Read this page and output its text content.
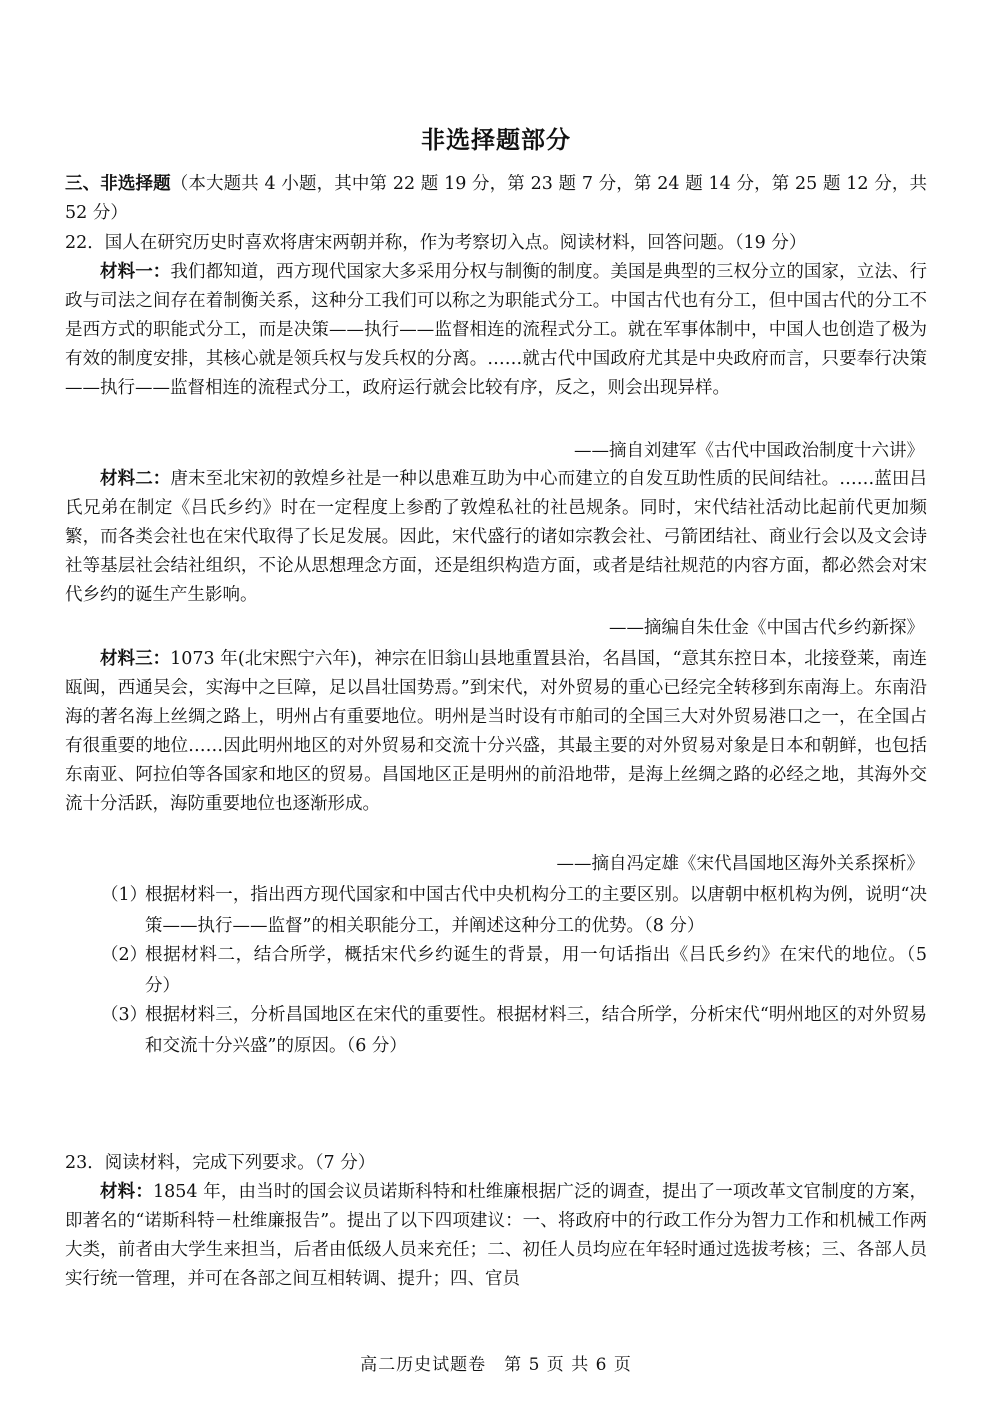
非选择题部分
三、非选择题（本大题共 4 小题，其中第 22 题 19 分，第 23 题 7 分，第 24 题 14 分，第 25 题 12 分，共 52 分）
22．国人在研究历史时喜欢将唐宋两朝并称，作为考察切入点。阅读材料，回答问题。（19 分）
材料一：我们都知道，西方现代国家大多采用分权与制衡的制度。美国是典型的三权分立的国家，立法、行政与司法之间存在着制衡关系，这种分工我们可以称之为职能式分工。中国古代也有分工，但中国古代的分工不是西方式的职能式分工，而是决策——执行——监督相连的流程式分工。就在军事体制中，中国人也创造了极为有效的制度安排，其核心就是领兵权与发兵权的分离。……就古代中国政府尤其是中央政府而言，只要奉行决策——执行——监督相连的流程式分工，政府运行就会比较有序，反之，则会出现异样。
——摘自刘建军《古代中国政治制度十六讲》
材料二：唐末至北宋初的敦煌乡社是一种以患难互助为中心而建立的自发互助性质的民间结社。……蓝田吕氏兄弟在制定《吕氏乡约》时在一定程度上参酌了敦煌私社的社邑规条。同时，宋代结社活动比起前代更加频繁，而各类会社也在宋代取得了长足发展。因此，宋代盛行的诸如宗教会社、弓箭团结社、商业行会以及文会诗社等基层社会结社组织，不论从思想理念方面，还是组织构造方面，或者是结社规范的内容方面，都必然会对宋代乡约的诞生产生影响。
——摘编自朱仕金《中国古代乡约新探》
材料三：1073 年(北宋熙宁六年)，神宗在旧翁山县地重置县治，名昌国，“意其东控日本，北接登莱，南连瓯闽，西通吴会，实海中之巨障，足以昌壮国势焉。”到宋代，对外贸易的重心已经完全转移到东南海上。东南沿海的著名海上丝绸之路上，明州占有重要地位。明州是当时设有市舶司的全国三大对外贸易港口之一，在全国占有很重要的地位……因此明州地区的对外贸易和交流十分兴盛，其最主要的对外贸易对象是日本和朝鲜，也包括东南亚、阿拉伯等各国家和地区的贸易。昌国地区正是明州的前沿地带，是海上丝绸之路的必经之地，其海外交流十分活跃，海防重要地位也逐渐形成。
——摘自冯定雄《宋代昌国地区海外关系探析》
（1）
根据材料一，指出西方现代国家和中国古代中央机构分工的主要区别。以唐朝中枢机构为例，说明“决策——执行——监督”的相关职能分工，并阐述这种分工的优势。（8 分）
（2）
根据材料二，结合所学，概括宋代乡约诞生的背景，用一句话指出《吕氏乡约》在宋代的地位。（5 分）
（3）
根据材料三，分析昌国地区在宋代的重要性。根据材料三，结合所学，分析宋代“明州地区的对外贸易和交流十分兴盛”的原因。（6 分）
23．阅读材料，完成下列要求。（7 分）
材料：1854 年，由当时的国会议员诺斯科特和杜维廉根据广泛的调查，提出了一项改革文官制度的方案，即著名的“诺斯科特－杜维廉报告”。提出了以下四项建议：一、将政府中的行政工作分为智力工作和机械工作两大类，前者由大学生来担当，后者由低级人员来充任；二、初任人员均应在年轻时通过选拔考核；三、各部人员实行统一管理，并可在各部之间互相转调、提升；四、官员
高二历史试题卷　第 5 页 共 6 页
